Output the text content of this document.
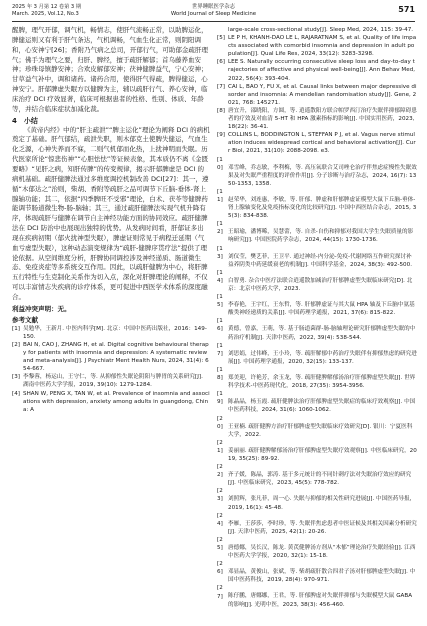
2025 年 3 月第 12 卷第 3 期
March. 2025, Vol.12, No.3
世界睡眠医学杂志
World Journal of Sleep Medicine	571

醒脾，理气开郁，调气机，畅情志，使肝气流畅正常，以助脾运化，脾健运则又有利于肝气条达，气机调畅，气血生化正常，则阴阳调和，心安神宁[26]；香附乃气病之总司，开郁行气，可助郁金疏肝理气；佛手为理气之要，归肝、脾经，擅于疏肝解郁；首乌藤养血安神；珍珠母镇静安神；合欢皮解郁安神；茯神健脾益气，宁心安神；甘草益气补中，调和诸药。诸药合用，使得肝气得疏，脾得健运，心神安宁。肝郁脾虚失眠方以健脾为主，辅以疏肝行气、养心安神，临床治疗 DCI 疗效显著，临床可根据患者的性格、性别、体质、年龄等，并结合临床症状加减化裁。

4　小结

《黄帝内经》中的“肝主疏泄”“脾主运化”理论为阐释 DCI 的病机奠定了基础。肝气郁结，疏泄失职，则木郁克土使脾失健运，气血生化乏源，心神失养而不寐，二则气机郁而化热，上扰神明而失眠。历代医家所论“惊悲伤神”“心胆怯怯”等证候表象，其本质仍不离《金匮要略》“见肝之病，知肝传脾”的传变规律，揭示肝郁脾虚是 DCI 的病机基础。疏肝健脾法通过多维度调控机制改善 DCI[27]：其一，遵循“木郁达之”治则，柴胡、香附等疏肝之品可调节下丘脑-垂体-肾上腺轴功能；其二，依据“四季脾旺不受邪”理论，白术、茯苓等健脾药能调节肠道微生物-肠-脑轴；其三，通过疏肝健脾法实现气机升降有序，体现疏肝与健脾在调节自主神经功能方面的协同效应。疏肝健脾法在 DCI 防治中也展现出独特的优势。从发病时间看，肝郁证多出现在疾病初期（郁火扰神型失眠），脾虚证则常见于病程迁延期（气血亏虚型失眠），这种动态演变规律为“疏肝-健脾序贯疗法”提供了理论依据。从空间维度分析，肝脾协同调控涉及神经递质、肠道微生态、免疫炎症等多系统交互作用。因此，以疏肝健脾为中心，将肝脾五行特性与生克制化关系作为切入点，深化对肝脾理论的阐释，不仅可以丰富情志失疾病的诊疗体系，更可促进中西医学术体系的深度融合。

利益冲突声明：无。
参考文献

[1] 吴勉华，王新月. 中医内科学[M]. 北京：中国中医药出版社，2016：149-150.

[2] BAI N, CAO J, ZHANG H, et al. Digital cognitive behavioural therapy for patients with insomnia and depression: A systematic review and meta-analysis[J]. J Psychiatr Ment Health Nurs, 2024, 31(4): 654-667.

[3] 李黎蓉，杨运山，王守仁，等. 从抑郁性失眠论阴阳与脾胃的关系研究[J]. 湖南中医药大学学报，2019, 39(10): 1279-1284.

[4] SHAN W, PENG X, TAN W, et al. Prevalence of insomnia and associations with depression, anxiety among adults in guangdong, China: A

large-scale cross-sectional study[J]. Sleep Med, 2024, 115: 39-47.

[5] LE P H, KHANH-DAO LE L, RAJARATNAM S, et al. Quality of life impacts associated with comorbid insomnia and depression in adult population[J]. Qual Life Res, 2024, 33(12): 3283-3298.

[6] LEE S. Naturally occurring consecutive sleep loss and day-to-day trajectories of affective and physical well-being[J]. Ann Behav Med, 2022, 56(4): 393-404.

[7] CAI L, BAO Y, FU X, et al. Causal links between major depressive disorder and insomnia: A mendelian randomisation study[J]. Gene, 2021, 768: 145271.

[8] 唐宜升，邵晓阳，方圆，等. 逍遥散阳方联合帕罗西汀治疗失眠伴抑郁障碍患者的疗效及对血清 5-HT 和 HPA 激素指标的影响[J]. 中国实用医药，2023, 18(22): 36-41.

[9] COLLINS L, BODDINGTON L, STEFFAN P J, et al. Vagus nerve stimulation induces widespread cortical and behavioral activation[J]. Curr Biol, 2021, 31(10): 2088-2098. e3.

[10] 邓雪峰，乔志敏，李利梅，等. 高压氧联合艾司唑仑治疗伴焦虑症慢性失眠效果及对失眠严重程度的评价作用[J]. 分子诊断与治疗杂志，2024, 16(7): 1350-1353, 1358.

[11] 赵荣华，刘连惠，李敏，等. 肝郁、脾虚和肝郁脾虚证模型大鼠下丘脑-垂体-肾上腺轴变化及免疫指标变化的比较研究[J]. 中国中西医结合杂志，2015, 35(3): 834-838.

[12] 王昭瑜，潘博晞，吴慧蕾，等. 自杀-自伤和抑郁对我国大学生失眠质量的影响研究[J]. 中国医院药学杂志，2024, 44(15): 1730-1736.

[13] 刘仪莹，樊艺菲，王卫平. 通过神经-内分泌-免疫-代谢网络互作研究探讨补益养阴类中药延缓衰老的机制[J]. 中国科学基金，2024, 38(3): 492-500.

[14] 白智勇. 杂合中医疗法联合逍遥散加减治疗肝郁脾虚型失眠临床研究[D]. 北京：北京中医药大学，2023.

[15] 李春艳，王宇红，王东哲，等. 肝郁脾虚证与其大鼠 HPA 轴及下丘脑中氨基酸类神经递质的关系[J]. 中国药理学通报，2021, 37(6): 815-822.

[16] 黄德，曾嘉，王萌，等. 基于肠道菌群-肠-脑轴理论研究肝郁脾虚型失眠的中药治疗机制[J]. 天津中医药，2022, 39(4): 538-544.

[17] 刘思娟，过伟峰，王小玲，等. 疏肝解郁中药治疗失眠伴有抑郁焦虑的研究进展[J]. 中国药理学通报，2020, 32(15): 133-137.

[18] 郑美迎，许艳芳，余玉龙，等. 疏肝健脾解郁汤治疗肝郁脾虚型失眠[J]. 世界科学技术-中医药现代化，2018, 27(35): 3954-3956.

[19] 陈晶晶，杨玉霞. 疏肝健脾法治疗肝郁脾虚型失眠症的临床疗效观察[J]. 中国中医药科技，2024, 31(6): 1060-1062.

[20] 王亚楠. 疏肝健脾方治疗肝郁脾虚型失眠临床疗效研究[D]. 银川：宁夏医科大学，2022.

[21] 姜丽丽. 疏肝健脾解郁汤治疗肝郁脾虚型失眠疗效观察[J]. 中医临床研究，2019, 35(25): 89-92.

[22] 齐子媛，陈晶，郭涛. 基于多元统计的不同针刺疗法对失眠治疗效应的研究[J]. 中医临床研究，2023, 45(5): 778-782.

[23] 刘照辉，张凡菲，周一心. 失眠与抑郁的相关性研究进展[J]. 中国医药导报，2019, 16(1): 45-48.

[24] 李雁，王莎莎，李时珍，等. 失眠伴焦虑患者中医证候及其相关因素分析研究[J]. 天津中医药，2025, 42(1): 20-26.

[25] 唐德娜，吴长汉，陈龙. 黄芪健脾汤方剂从“木郁”理论治疗失眠经验[J]. 江西中医药大学学报，2020, 32(1): 15-18.

[26] 邓显晶，黄俊山，张斌，等. 柴胡疏肝散合四君子汤对肝郁脾虚型失眠[J]. 中国中医药科技，2019, 28(4): 970-971.

[27] 陈仔鹏，唐娜娜，王君，等. 肝郁脾虚对失眠伴抑郁与失眠模型大鼠 GABA 的影响[J]. 光明中医，2023, 38(3): 456-460.
